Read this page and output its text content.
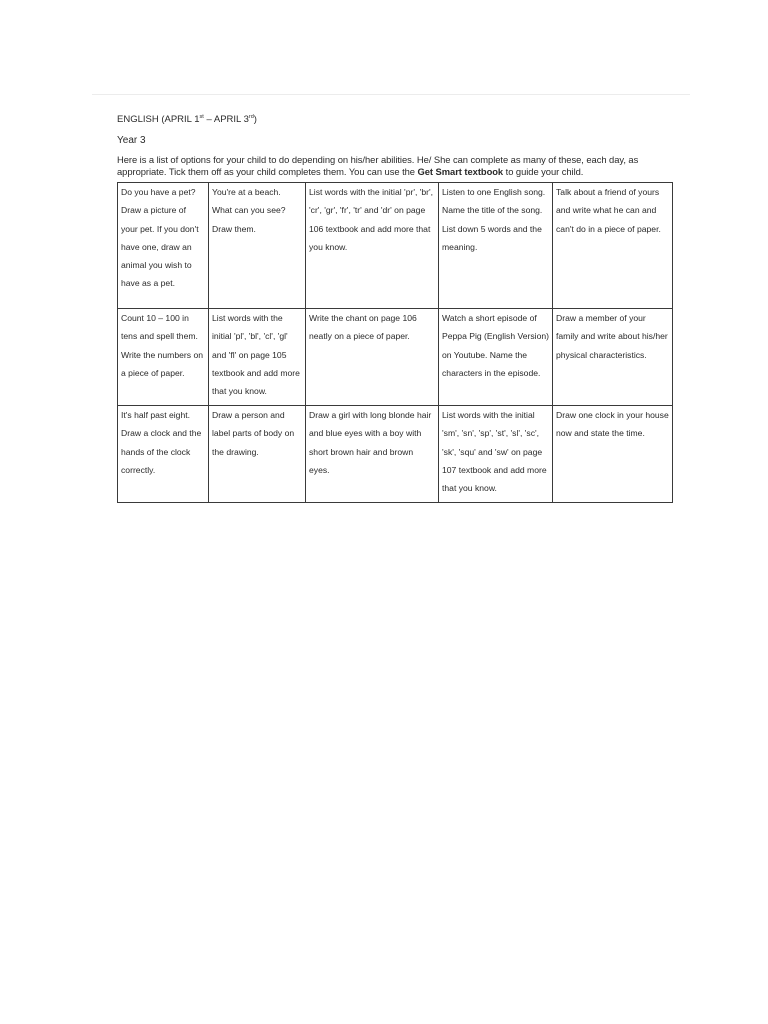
ENGLISH (APRIL 1st – APRIL 3rd)
Year 3
Here is a list of options for your child to do depending on his/her abilities. He/ She can complete as many of these, each day, as appropriate. Tick them off as your child completes them. You can use the Get Smart textbook to guide your child.
Do you have a pet? Draw a picture of your pet. If you don't have one, draw an animal you wish to have as a pet.	You're at a beach. What can you see? Draw them.	List words with the initial 'pr', 'br', 'cr', 'gr', 'fr', 'tr' and 'dr' on page 106 textbook and add more that you know.	Listen to one English song. Name the title of the song. List down 5 words and the meaning.	Talk about a friend of yours and write what he can and can't do in a piece of paper.
Count 10 – 100 in tens and spell them. Write the numbers on a piece of paper.	List words with the initial 'pl', 'bl', 'cl', 'gl' and 'fl' on page 105 textbook and add more that you know.	Write the chant on page 106 neatly on a piece of paper.	Watch a short episode of Peppa Pig (English Version) on Youtube. Name the characters in the episode.	Draw a member of your family and write about his/her physical characteristics.
It's half past eight. Draw a clock and the hands of the clock correctly.	Draw a person and label parts of body on the drawing.	Draw a girl with long blonde hair and blue eyes with a boy with short brown hair and brown eyes.	List words with the initial 'sm', 'sn', 'sp', 'st', 'sl', 'sc', 'sk', 'squ' and 'sw' on page 107 textbook and add more that you know.	Draw one clock in your house now and state the time.
